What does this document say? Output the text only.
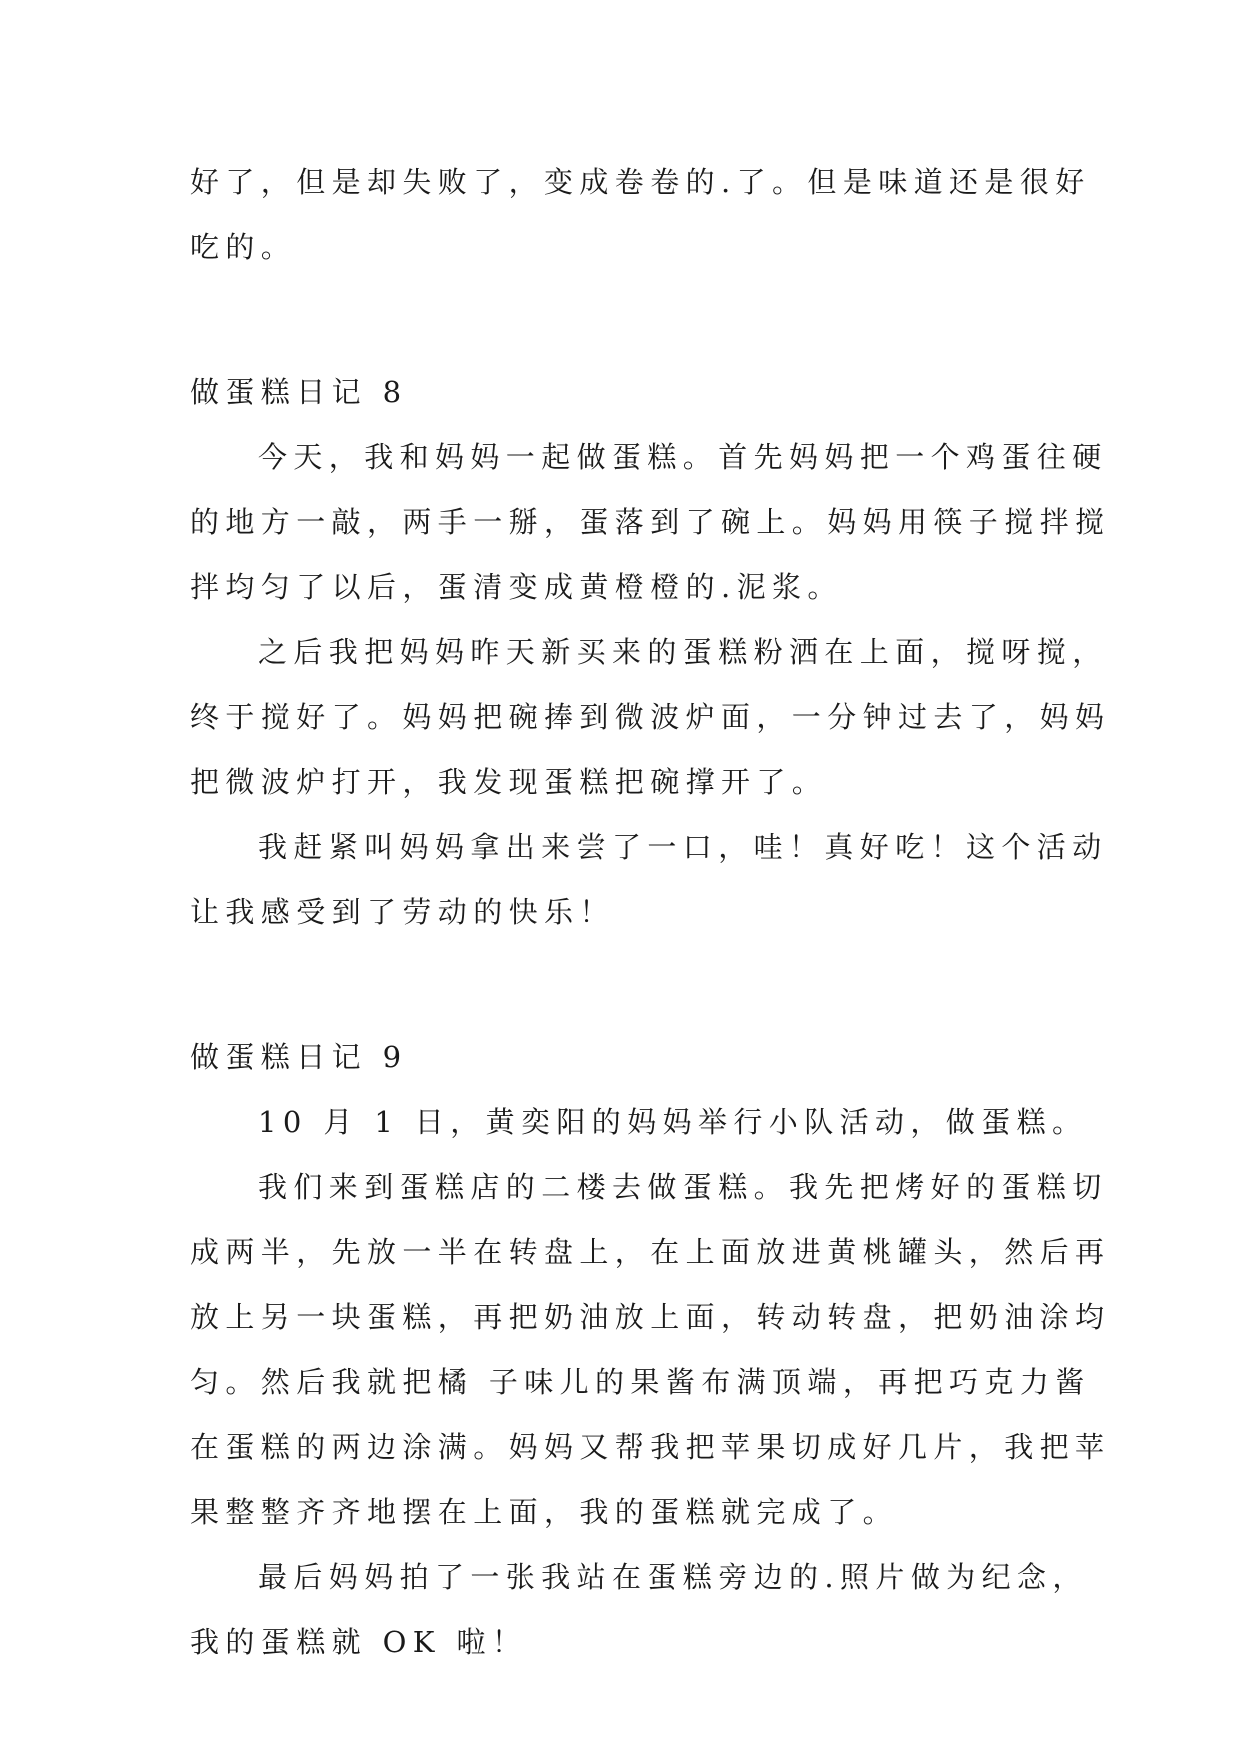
好了，但是却失败了，变成卷卷的.了。但是味道还是很好
吃的。
做蛋糕日记 8
今天，我和妈妈一起做蛋糕。首先妈妈把一个鸡蛋往硬
的地方一敲，两手一掰，蛋落到了碗上。妈妈用筷子搅拌搅
拌均匀了以后，蛋清变成黄橙橙的.泥浆。
之后我把妈妈昨天新买来的蛋糕粉洒在上面，搅呀搅，
终于搅好了。妈妈把碗捧到微波炉面，一分钟过去了，妈妈
把微波炉打开，我发现蛋糕把碗撑开了。
我赶紧叫妈妈拿出来尝了一口，哇！真好吃！这个活动
让我感受到了劳动的快乐！
做蛋糕日记 9
10 月 1 日，黄奕阳的妈妈举行小队活动，做蛋糕。
我们来到蛋糕店的二楼去做蛋糕。我先把烤好的蛋糕切
成两半，先放一半在转盘上，在上面放进黄桃罐头，然后再
放上另一块蛋糕，再把奶油放上面，转动转盘，把奶油涂均
匀。然后我就把橘 子味儿的果酱布满顶端，再把巧克力酱
在蛋糕的两边涂满。妈妈又帮我把苹果切成好几片，我把苹
果整整齐齐地摆在上面，我的蛋糕就完成了。
最后妈妈拍了一张我站在蛋糕旁边的.照片做为纪念，
我的蛋糕就 OK 啦！
